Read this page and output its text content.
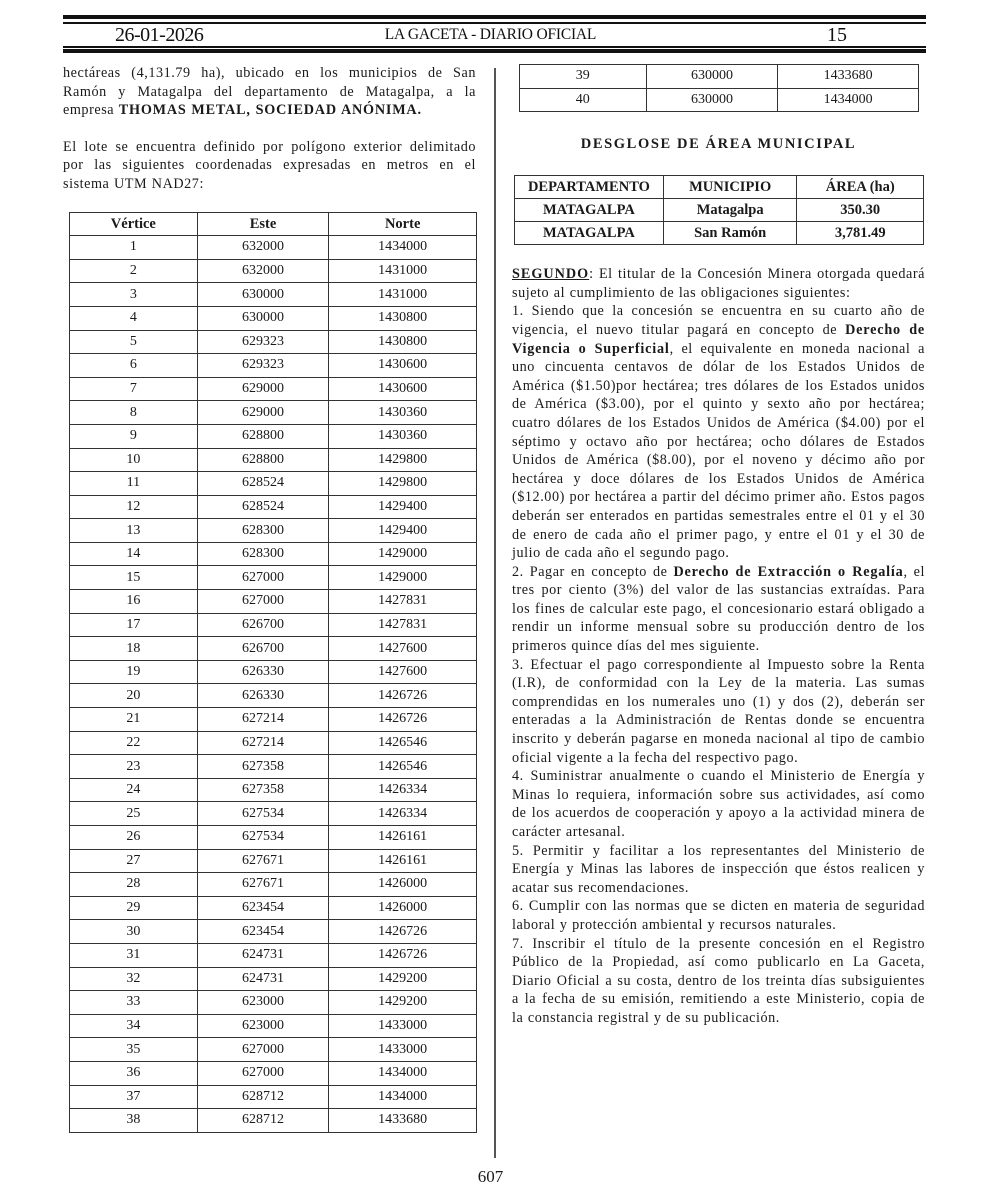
26-01-2026	LA GACETA - DIARIO OFICIAL	15

hectáreas (4,131.79 ha), ubicado en los municipios de San Ramón y Matagalpa del departamento de Matagalpa, a la empresa THOMAS METAL, SOCIEDAD ANÓNIMA.

El lote se encuentra definido por polígono exterior delimitado por las siguientes coordenadas expresadas en metros en el sistema UTM NAD27:

Vértice	Este	Norte
1	632000	1434000
2	632000	1431000
3	630000	1431000
4	630000	1430800
5	629323	1430800
6	629323	1430600
7	629000	1430600
8	629000	1430360
9	628800	1430360
10	628800	1429800
11	628524	1429800
12	628524	1429400
13	628300	1429400
14	628300	1429000
15	627000	1429000
16	627000	1427831
17	626700	1427831
18	626700	1427600
19	626330	1427600
20	626330	1426726
21	627214	1426726
22	627214	1426546
23	627358	1426546
24	627358	1426334
25	627534	1426334
26	627534	1426161
27	627671	1426161
28	627671	1426000
29	623454	1426000
30	623454	1426726
31	624731	1426726
32	624731	1429200
33	623000	1429200
34	623000	1433000
35	627000	1433000
36	627000	1434000
37	628712	1434000
38	628712	1433680
39	630000	1433680
40	630000	1434000
DESGLOSE DE ÁREA MUNICIPAL
DEPARTAMENTO	MUNICIPIO	ÁREA (ha)
MATAGALPA	Matagalpa	350.30
MATAGALPA	San Ramón	3,781.49

SEGUNDO: El titular de la Concesión Minera otorgada quedará sujeto al cumplimiento de las obligaciones siguientes:

1. Siendo que la concesión se encuentra en su cuarto año de vigencia, el nuevo titular pagará en concepto de Derecho de Vigencia o Superficial, el equivalente en moneda nacional a uno cincuenta centavos de dólar de los Estados Unidos de América ($1.50)por hectárea; tres dólares de los Estados unidos de América ($3.00), por el quinto y sexto año por hectárea; cuatro dólares de los Estados Unidos de América ($4.00) por el séptimo y octavo año por hectárea; ocho dólares de Estados Unidos de América ($8.00), por el noveno y décimo año por hectárea y doce dólares de los Estados Unidos de América ($12.00) por hectárea a partir del décimo primer año. Estos pagos deberán ser enterados en partidas semestrales entre el 01 y el 30 de enero de cada año el primer pago, y entre el 01 y el 30 de julio de cada año el segundo pago.

2. Pagar en concepto de Derecho de Extracción o Regalía, el tres por ciento (3%) del valor de las sustancias extraídas. Para los fines de calcular este pago, el concesionario estará obligado a rendir un informe mensual sobre su producción dentro de los primeros quince días del mes siguiente.

3. Efectuar el pago correspondiente al Impuesto sobre la Renta (I.R), de conformidad con la Ley de la materia. Las sumas comprendidas en los numerales uno (1) y dos (2), deberán ser enteradas a la Administración de Rentas donde se encuentra inscrito y deberán pagarse en moneda nacional al tipo de cambio oficial vigente a la fecha del respectivo pago.

4. Suministrar anualmente o cuando el Ministerio de Energía y Minas lo requiera, información sobre sus actividades, así como de los acuerdos de cooperación y apoyo a la actividad minera de carácter artesanal.

5. Permitir y facilitar a los representantes del Ministerio de Energía y Minas las labores de inspección que éstos realicen y acatar sus recomendaciones.

6. Cumplir con las normas que se dicten en materia de seguridad laboral y protección ambiental y recursos naturales.

7. Inscribir el título de la presente concesión en el Registro Público de la Propiedad, así como publicarlo en La Gaceta, Diario Oficial a su costa, dentro de los treinta días subsiguientes a la fecha de su emisión, remitiendo a este Ministerio, copia de la constancia registral y de su publicación.

607
